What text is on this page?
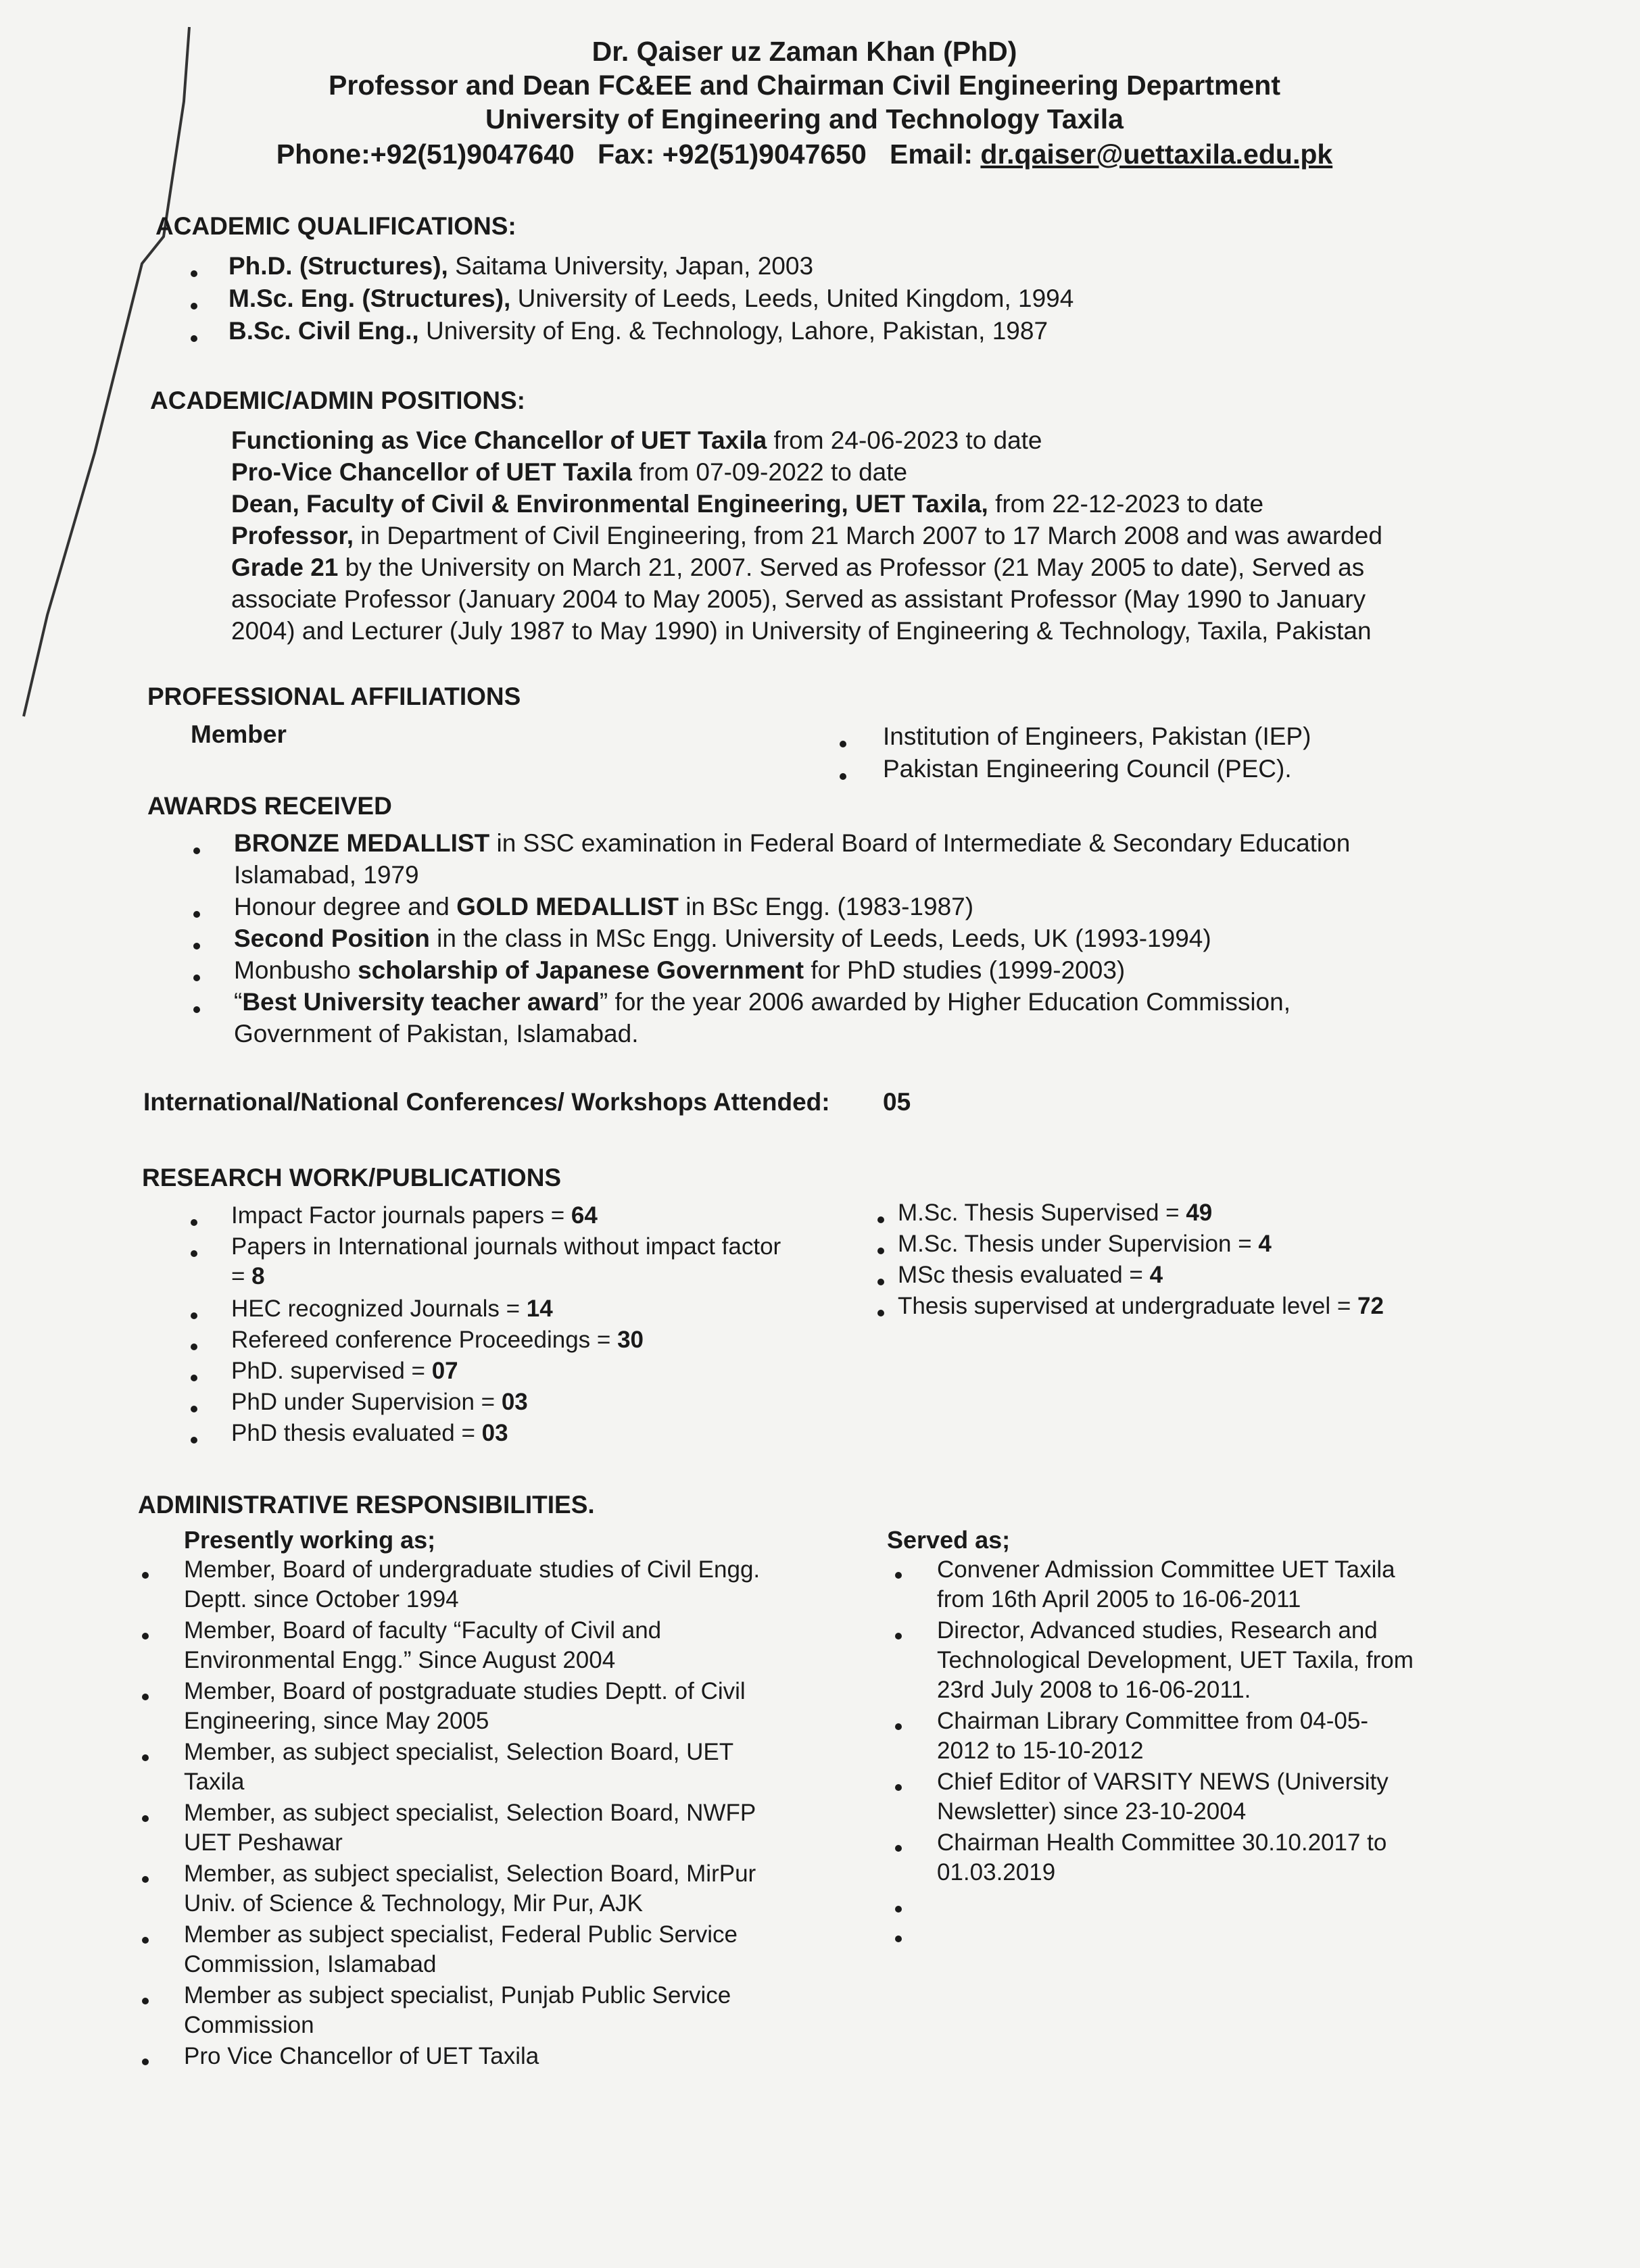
Dr. Qaiser uz Zaman Khan (PhD)
Professor and Dean FC&EE and Chairman Civil Engineering Department
University of Engineering and Technology Taxila
Phone:+92(51)9047640 Fax: +92(51)9047650 Email: dr.qaiser@uettaxila.edu.pk
ACADEMIC QUALIFICATIONS:
Ph.D. (Structures), Saitama University, Japan, 2003
M.Sc. Eng. (Structures), University of Leeds, Leeds, United Kingdom, 1994
B.Sc. Civil Eng., University of Eng. & Technology, Lahore, Pakistan, 1987
ACADEMIC/ADMIN POSITIONS:
Functioning as Vice Chancellor of UET Taxila from 24-06-2023 to date
Pro-Vice Chancellor of UET Taxila from 07-09-2022 to date
Dean, Faculty of Civil & Environmental Engineering, UET Taxila, from 22-12-2023 to date
Professor, in Department of Civil Engineering, from 21 March 2007 to 17 March 2008 and was awarded
Grade 21 by the University on March 21, 2007. Served as Professor (21 May 2005 to date), Served as
associate Professor (January 2004 to May 2005), Served as assistant Professor (May 1990 to January
2004) and Lecturer (July 1987 to May 1990) in University of Engineering & Technology, Taxila, Pakistan
PROFESSIONAL AFFILIATIONS
Member	Institution of Engineers, Pakistan (IEP)
Pakistan Engineering Council (PEC).
AWARDS RECEIVED
BRONZE MEDALLIST in SSC examination in Federal Board of Intermediate & Secondary Education
Islamabad, 1979
Honour degree and GOLD MEDALLIST in BSc Engg. (1983-1987)
Second Position in the class in MSc Engg. University of Leeds, Leeds, UK (1993-1994)
Monbusho scholarship of Japanese Government for PhD studies (1999-2003)
“Best University teacher award” for the year 2006 awarded by Higher Education Commission,
Government of Pakistan, Islamabad.
International/National Conferences/ Workshops Attended: 05
RESEARCH WORK/PUBLICATIONS
Impact Factor journals papers = 64
Papers in International journals without impact factor
= 8
HEC recognized Journals = 14
Refereed conference Proceedings = 30
PhD. supervised = 07
PhD under Supervision = 03
PhD thesis evaluated = 03
M.Sc. Thesis Supervised = 49
M.Sc. Thesis under Supervision = 4
MSc thesis evaluated = 4
Thesis supervised at undergraduate level = 72
ADMINISTRATIVE RESPONSIBILITIES.
Presently working as;	Served as;
Member, Board of undergraduate studies of Civil Engg.
Deptt. since October 1994
Member, Board of faculty “Faculty of Civil and
Environmental Engg.” Since August 2004
Member, Board of postgraduate studies Deptt. of Civil
Engineering, since May 2005
Member, as subject specialist, Selection Board, UET
Taxila
Member, as subject specialist, Selection Board, NWFP
UET Peshawar
Member, as subject specialist, Selection Board, MirPur
Univ. of Science & Technology, Mir Pur, AJK
Member as subject specialist, Federal Public Service
Commission, Islamabad
Member as subject specialist, Punjab Public Service
Commission
Pro Vice Chancellor of UET Taxila
Convener Admission Committee UET Taxila
from 16th April 2005 to 16-06-2011
Director, Advanced studies, Research and
Technological Development, UET Taxila, from
23rd July 2008 to 16-06-2011.
Chairman Library Committee from 04-05-
2012 to 15-10-2012
Chief Editor of VARSITY NEWS (University
Newsletter) since 23-10-2004
Chairman Health Committee 30.10.2017 to
01.03.2019
